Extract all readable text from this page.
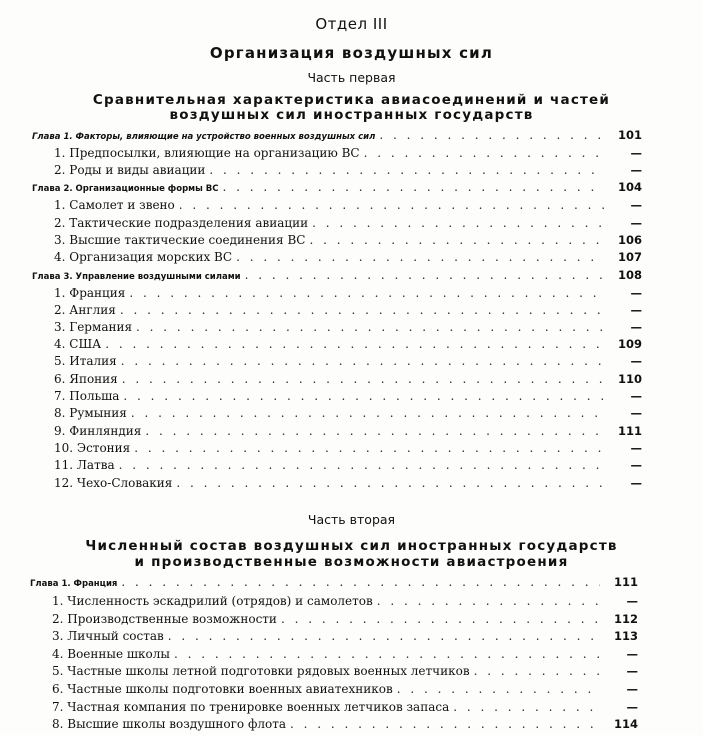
Отдел III
Организация воздушных сил
Часть первая
Сравнительная характеристика авиасоединений и частей
воздушных сил иностранных государств
Глава 1. Факторы, влияющие на устройство военных воздушных сил . . .	101
1. Предпосылки, влияющие на организацию ВС . . .	—
2. Роды и виды авиации . . .	—
Глава 2. Организационные формы ВС . . .	104
1. Самолет и звено . . .	—
2. Тактические подразделения авиации . . .	—
3. Высшие тактические соединения ВС . . .	106
4. Организация морских ВС . . .	107
Глава 3. Управление воздушными силами . . .	108
1. Франция . . .	—
2. Англия . . .	—
3. Германия . . .	—
4. США . . .	109
5. Италия . . .	—
6. Япония . . .	110
7. Польша . . .	—
8. Румыния . . .	—
9. Финляндия . . .	111
10. Эстония . . .	—
11. Латва . . .	—
12. Чехо-Словакия . . .	—
Часть вторая
Численный состав воздушных сил иностранных государств
и производственные возможности авиастроения
Глава 1. Франция . . .	111
1. Численность эскадрилий (отрядов) и самолетов . . .	—
2. Производственные возможности . . .	112
3. Личный состав . . .	113
4. Военные школы . . .	—
5. Частные школы летной подготовки рядовых военных летчиков . . .	—
6. Частные школы подготовки военных авиатехников . . .	—
7. Частная компания по тренировке военных летчиков запаса . . .	—
8. Высшие школы воздушного флота . . .	114
